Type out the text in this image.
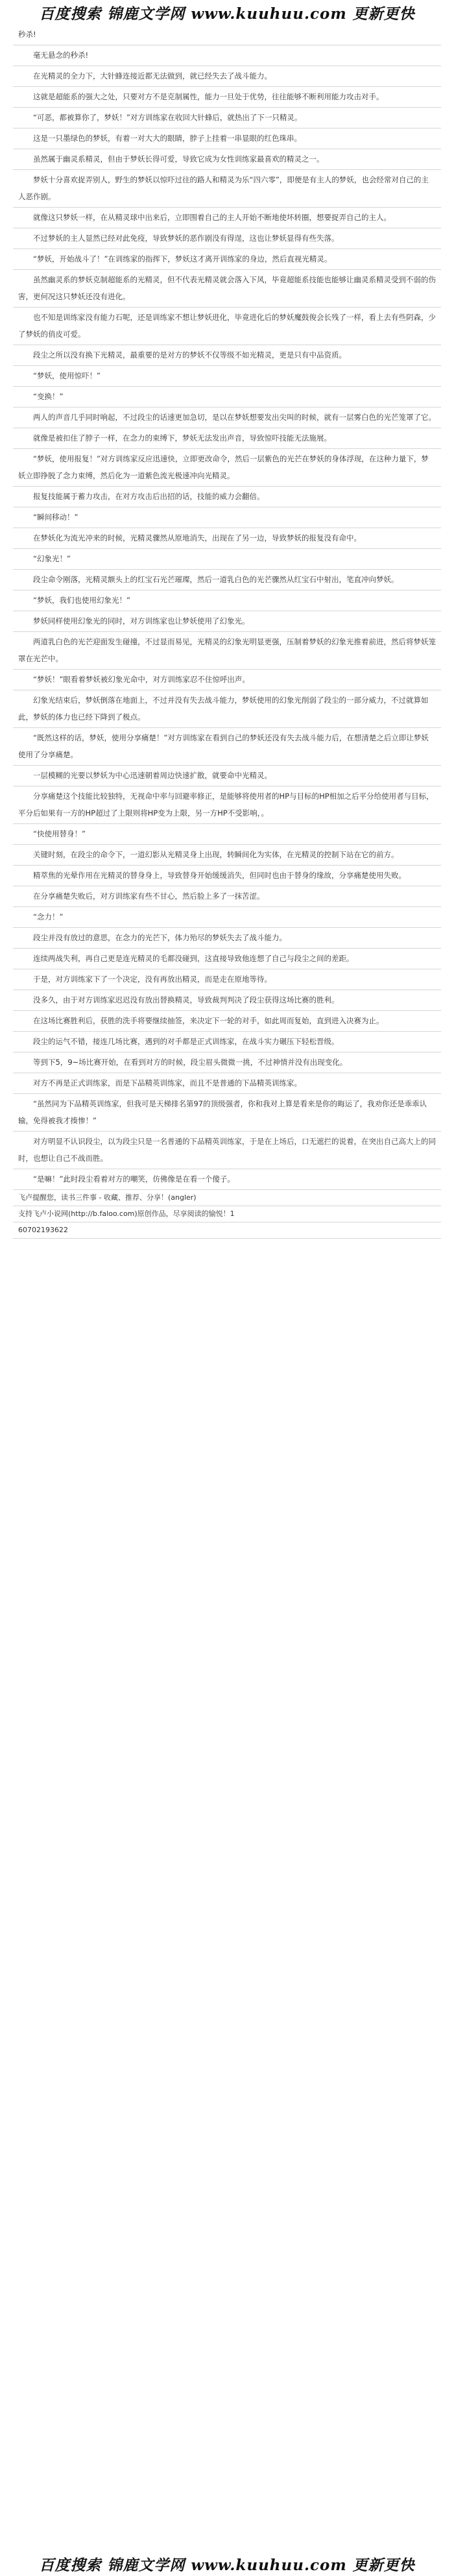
百度搜索 锦鹿文学网 www.kuuhuu.com 更新更快

秒杀!

毫无悬念的秒杀!

在光精灵的全力下，大针蜂连接近都无法做到，就已经失去了战斗能力。

这就是超能系的强大之处，只要对方不是克制属性，能力一旦处于优势，往往能够不断利用能力攻击对手。

“可恶，都被算你了，梦妖！”对方训练家在收回大针蜂后，就热出了下一只精灵。

这是一只墨绿色的梦妖，有着一对大大的眼睛，脖子上挂着一串显眼的红色珠串。

虽然属于幽灵系精灵，但由于梦妖长得可爱，导致它成为女性训练家最喜欢的精灵之一。

梦妖十分喜欢捉弄别人，野生的梦妖以惊吓过往的路人和精灵为乐“四六零”，即便是有主人的梦妖，也会经常对自己的主人恶作剧。

就像这只梦妖一样，在从精灵球中出来后，立即围着自己的主人开始不断地使坏转圈，想要捉弄自己的主人。

不过梦妖的主人显然已经对此免疫，导致梦妖的恶作剧没有得逞，这也让梦妖显得有些失落。

“梦妖，开始战斗了！”在训练家的指挥下，梦妖这才离开训练家的身边，然后直视光精灵。

虽然幽灵系的梦妖克制超能系的光精灵，但不代表光精灵就会落入下风，毕竟超能系技能也能够让幽灵系精灵受到不弱的伤害，更何况这只梦妖还没有进化。

也不知是训练家没有能力石呢，还是训练家不想让梦妖进化，毕竟进化后的梦妖魔鼓俊会长残了一样，看上去有些阴森，少了梦妖的俏皮可爱。

段尘之所以没有换下光精灵，最重要的是对方的梦妖不仅等级不如光精灵，更是只有中品资质。

“梦妖，使用惊吓！”

“变换！”

两人的声音几乎同时响起，不过段尘的话速更加急切，是以在梦妖想要发出尖叫的时候，就有一层雾白色的光芒笼罩了它。

就像是被扣住了脖子一样，在念力的束缚下，梦妖无法发出声音，导致惊吓技能无法施展。

“梦妖，使用报复！”对方训练家反应迅速快，立即更改命令，然后一层紫色的光芒在梦妖的身体浮现，在这种力量下，梦妖立即挣脱了念力束缚，然后化为一道紫色流光极速冲向光精灵。

报复技能属于蓄力攻击，在对方攻击后出招的话，技能的威力会翻倍。

“瞬间移动！”

在梦妖化为流光冲来的时候，光精灵骤然从原地消失，出现在了另一边，导致梦妖的报复没有命中。

“幻象光！”

段尘命令刚落，光精灵额头上的红宝石光芒璀璨，然后一道乳白色的光芒骤然从红宝石中射出，笔直冲向梦妖。

“梦妖，我们也使用幻象光！”

梦妖同样使用幻象光的同时，对方训练家也让梦妖使用了幻象光。

两道乳白色的光芒迎面发生碰撞，不过显而易见，光精灵的幻象光明显更强，压制着梦妖的幻象光推着前进，然后将梦妖笼罩在光芒中。

“梦妖！”眼看着梦妖被幻象光命中，对方训练家忍不住惊呼出声。

幻象光结束后，梦妖倒落在地面上，不过并没有失去战斗能力，梦妖使用的幻象光削弱了段尘的一部分威力，不过就算如此，梦妖的体力也已经下降到了极点。

“既然这样的话，梦妖，使用分享痛楚！”对方训练家在看到自己的梦妖还没有失去战斗能力后，在想清楚之后立即让梦妖使用了分享痛楚。

一层模糊的光要以梦妖为中心迅速朝着周边快速扩散，就要命中光精灵。

分享痛楚这个技能比较独特，无视命中率与回避率修正，是能够将使用者的HP与目标的HP相加之后平分给使用者与目标，平分后如果有一方的HP超过了上限则将HP变为上限，另一方HP不受影响，。

“快使用替身！”

关键时刻，在段尘的命令下，一道幻影从光精灵身上出现，转瞬间化为实体，在光精灵的控制下站在它的前方。

精萃焦的光晕作用在光精灵的替身身上，导致替身开始缓缓消失，但同时也由于替身的缘故，分享痛楚使用失败。

在分享痛楚失败后，对方训练家有些不甘心，然后脸上多了一抹苦涩。

“念力！”

段尘并没有放过的意思，在念力的光芒下，体力殆尽的梦妖失去了战斗能力。

连续两战失利，再自己更是连光精灵的毛都没碰到，这直接导致他连想了自己与段尘之间的差距。

于是，对方训练家下了一个决定，没有再放出精灵，而是走在原地等待。

没多久，由于对方训练家迟迟没有放出替换精灵，导致裁判判决了段尘获得这场比赛的胜利。

在这场比赛胜利后，获胜的洗手将要继续抽签，来决定下一轮的对手，如此周而复始，直到进入决赛为止。

段尘的运气不错，接连几场比赛，遇到的对手都是正式训练家，在战斗实力碾压下轻松晋级。

等到下5，9~场比赛开始，在看到对方的时候，段尘眉头微微一挑，不过神情并没有出现变化。

对方不再是正式训练家，而是下品精英训练家，而且不是普通的下品精英训练家。

“虽然同为下品精英训练家，但我可是天梯排名第97的顶级强者，你和我对上算是看来是你的晦运了，我劝你还是乖乖认输，免得被我才揍惨！”

对方明显不认识段尘，以为段尘只是一名普通的下品精英训练家，于是在上场后，口无遮拦的说着，在突出自己高大上的同时，也想让自己不战而胜。

“是嘛！”此时段尘看着对方的嘲笑，仿佛像是在看一个傻子。

飞卢提醒您，读书三件事 - 收藏、推荐、分享！(angler)
支持飞卢小说网(http://b.faloo.com)原创作品，尽享阅读的愉悦！1
60702193622
百度搜索 锦鹿文学网 www.kuuhuu.com 更新更快
